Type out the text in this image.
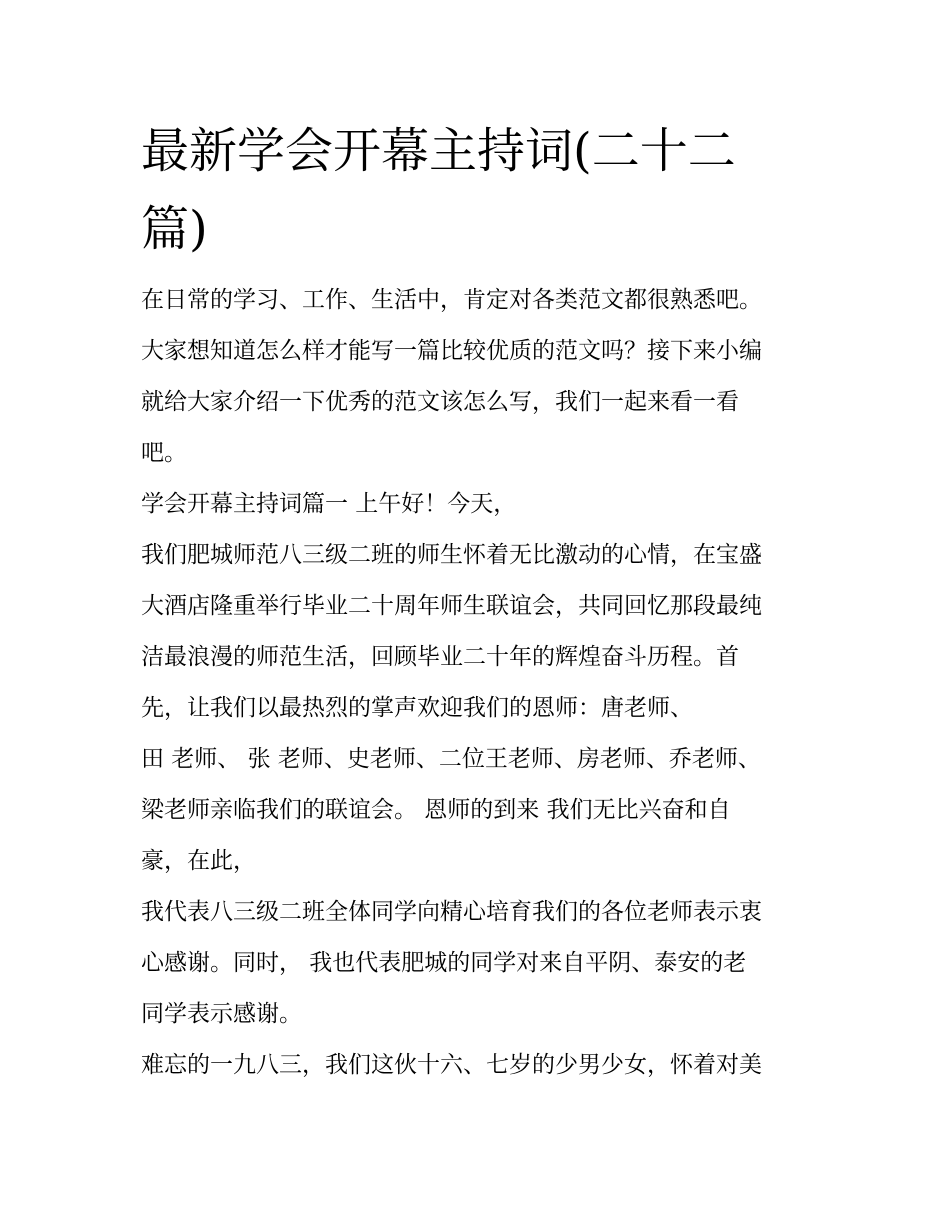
最新学会开幕主持词(二十二
篇)
在日常的学习、工作、生活中，肯定对各类范文都很熟悉吧。
大家想知道怎么样才能写一篇比较优质的范文吗？接下来小编
就给大家介绍一下优秀的范文该怎么写，我们一起来看一看
吧。
学会开幕主持词篇一 上午好！今天，
我们肥城师范八三级二班的师生怀着无比激动的心情，在宝盛
大酒店隆重举行毕业二十周年师生联谊会，共同回忆那段最纯
洁最浪漫的师范生活，回顾毕业二十年的辉煌奋斗历程。首
先，让我们以最热烈的掌声欢迎我们的恩师：唐老师、
田 老师、 张 老师、史老师、二位王老师、房老师、乔老师、
梁老师亲临我们的联谊会。 恩师的到来 我们无比兴奋和自
豪，在此，
我代表八三级二班全体同学向精心培育我们的各位老师表示衷
心感谢。同时， 我也代表肥城的同学对来自平阴、泰安的老
同学表示感谢。
难忘的一九八三，我们这伙十六、七岁的少男少女，怀着对美
